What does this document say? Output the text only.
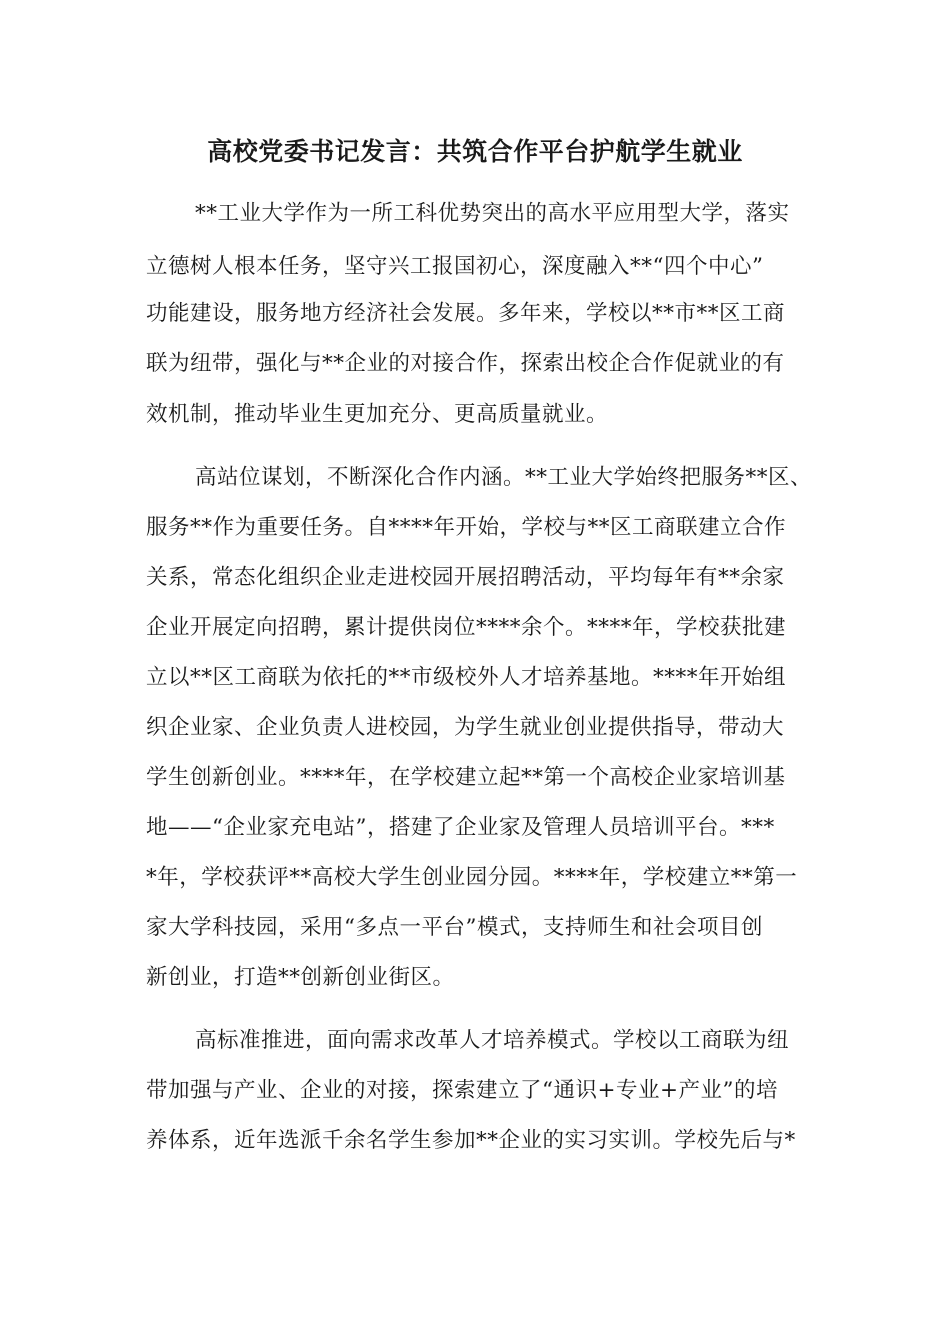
高校党委书记发言：共筑合作平台护航学生就业
**工业大学作为一所工科优势突出的高水平应用型大学，落实
立德树人根本任务，坚守兴工报国初心，深度融入**“四个中心”
功能建设，服务地方经济社会发展。多年来，学校以**市**区工商
联为纽带，强化与**企业的对接合作，探索出校企合作促就业的有
效机制，推动毕业生更加充分、更高质量就业。
高站位谋划，不断深化合作内涵。**工业大学始终把服务**区、
服务**作为重要任务。自****年开始，学校与**区工商联建立合作
关系，常态化组织企业走进校园开展招聘活动，平均每年有**余家
企业开展定向招聘，累计提供岗位****余个。****年，学校获批建
立以**区工商联为依托的**市级校外人才培养基地。****年开始组
织企业家、企业负责人进校园，为学生就业创业提供指导，带动大
学生创新创业。****年，在学校建立起**第一个高校企业家培训基
地——“企业家充电站”，搭建了企业家及管理人员培训平台。***
*年，学校获评**高校大学生创业园分园。****年，学校建立**第一
家大学科技园，采用“多点一平台”模式，支持师生和社会项目创
新创业，打造**创新创业街区。
高标准推进，面向需求改革人才培养模式。学校以工商联为纽
带加强与产业、企业的对接，探索建立了“通识+专业+产业”的培
养体系，近年选派千余名学生参加**企业的实习实训。学校先后与*
